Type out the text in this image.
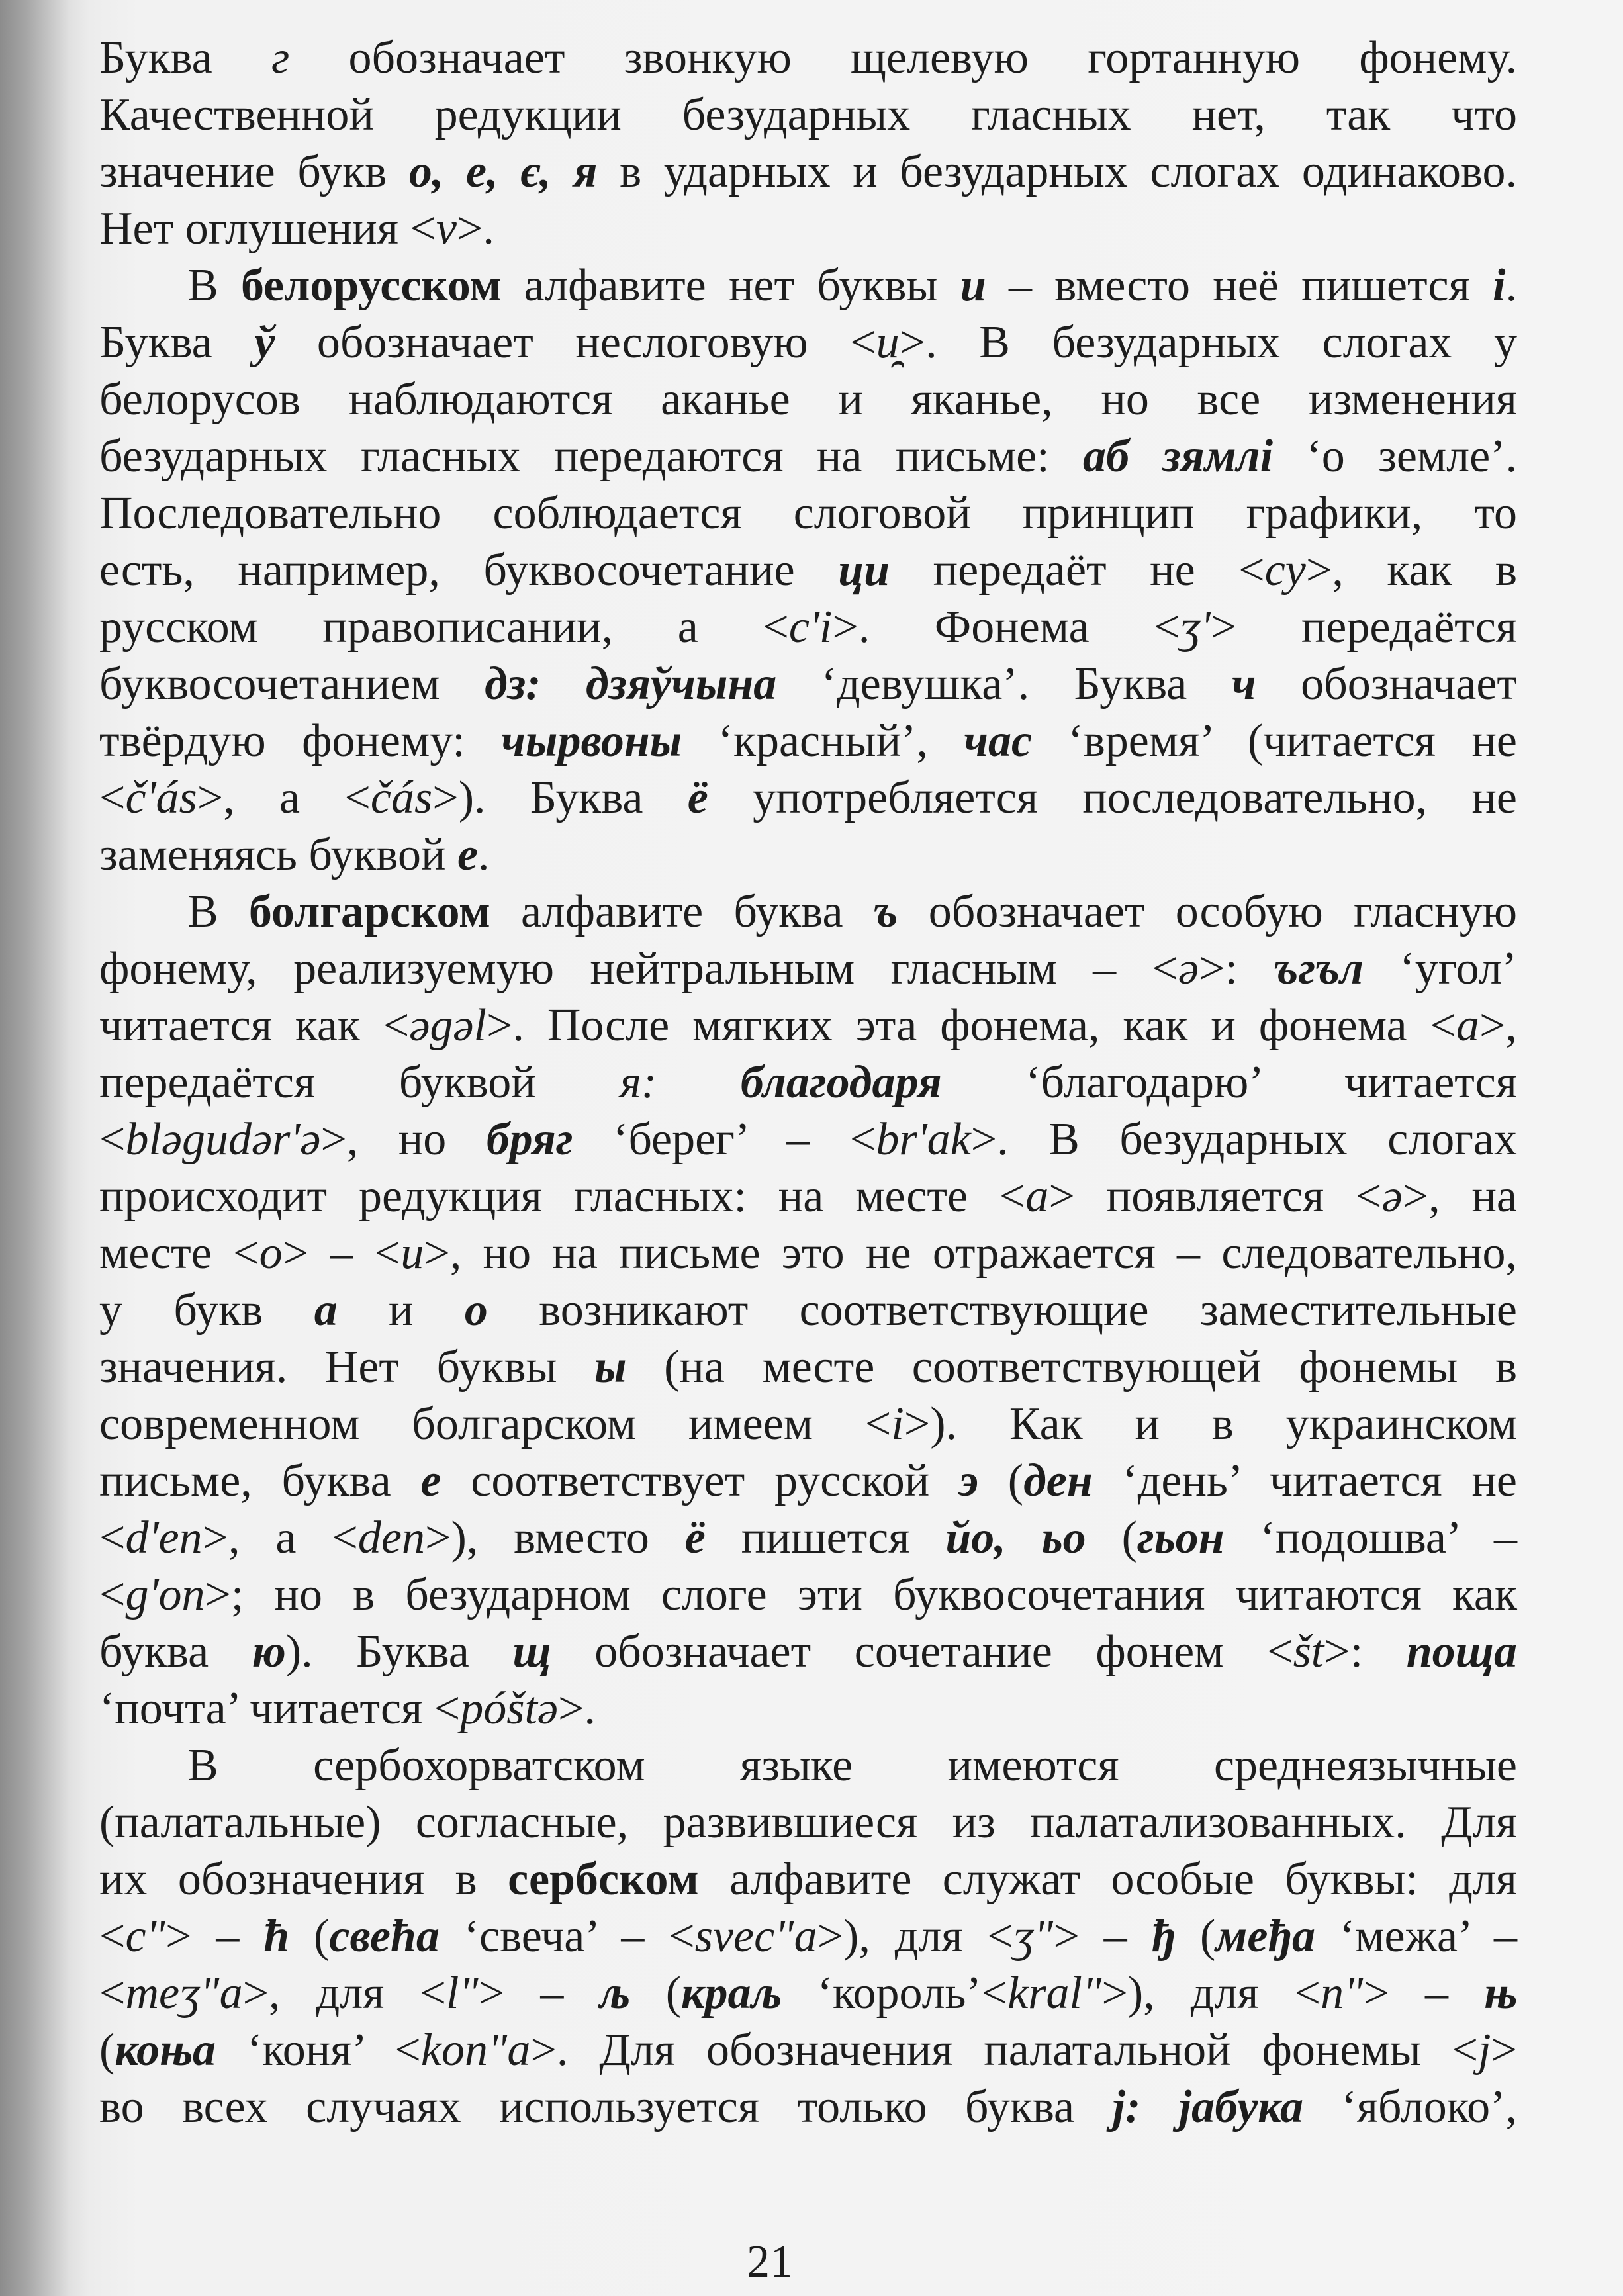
Буква г обозначает звонкую щелевую гортанную фонему.
Качественной редукции безударных гласных нет, так что
значение букв о, е, є, я в ударных и безударных слогах одинаково.
Нет оглушения <v>.
В белорусском алфавите нет буквы и – вместо неё пишется і.
Буква ў обозначает неслоговую <u̯>. В безударных слогах у
белорусов наблюдаются аканье и яканье, но все изменения
безударных гласных передаются на письме: аб зямлі ‘о земле’.
Последовательно соблюдается слоговой принцип графики, то
есть, например, буквосочетание ци передаёт не <cy>, как в
русском правописании, а <c'i>. Фонема <ʒ'> передаётся
буквосочетанием дз: дзяўчына ‘девушка’. Буква ч обозначает
твёрдую фонему: чырвоны ‘красный’, час ‘время’ (читается не
<č'ás>, а <čás>). Буква ё употребляется последовательно, не
заменяясь буквой е.
В болгарском алфавите буква ъ обозначает особую гласную
фонему, реализуемую нейтральным гласным – <ə>: ъгъл ‘угол’
читается как <əgəl>. После мягких эта фонема, как и фонема <a>,
передаётся буквой я: благодаря ‘благодарю’ читается
<bləgudər'ə>, но бряг ‘берег’ – <br'ak>. В безударных слогах
происходит редукция гласных: на месте <a> появляется <ə>, на
месте <o> – <u>, но на письме это не отражается – следовательно,
у букв а и о возникают соответствующие заместительные
значения. Нет буквы ы (на месте соответствующей фонемы в
современном болгарском имеем <i>). Как и в украинском
письме, буква е соответствует русской э (ден ‘день’ читается не
<d'en>, а <den>), вместо ё пишется йо, ьо (гьон ‘подошва’ –
<g'on>; но в безударном слоге эти буквосочетания читаются как
буква ю). Буква щ обозначает сочетание фонем <št>: поща
‘почта’ читается <póštə>.
В сербохорватском языке имеются среднеязычные
(палатальные) согласные, развившиеся из палатализованных. Для
их обозначения в сербском алфавите служат особые буквы: для
<c"> – ћ (свећа ‘свеча’ – <svec"a>), для <ʒ"> – ђ (међа ‘межа’ –
<meʒ"a>, для <l"> – љ (краљ ‘король’<kral">), для <n"> – њ
(коња ‘коня’ <kon"a>. Для обозначения палатальной фонемы <j>
во всех случаях используется только буква ј: јабука ‘яблоко’,
21
